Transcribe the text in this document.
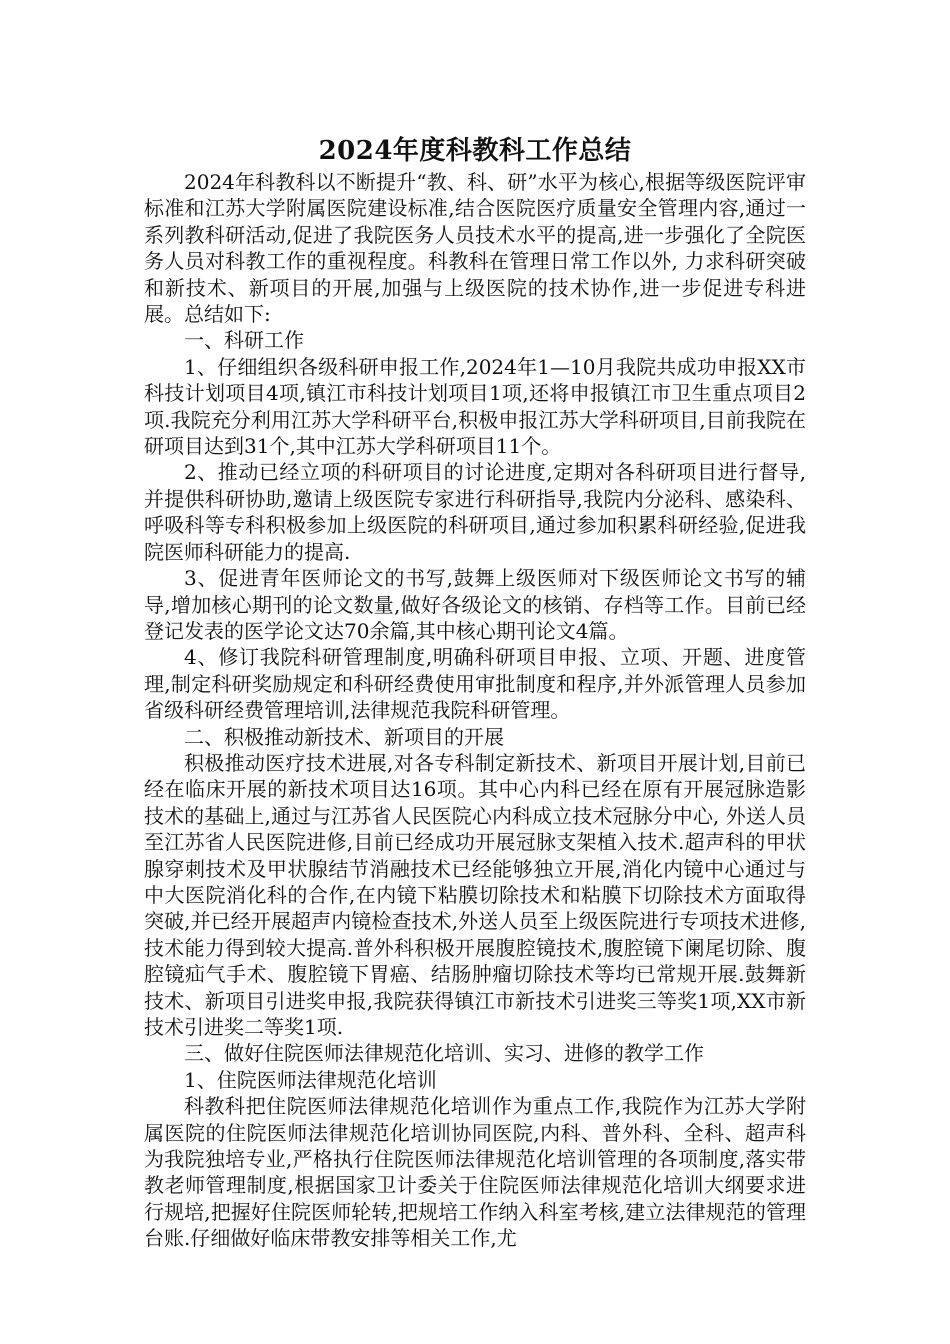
2024年度科教科工作总结

2024年科教科以不断提升“教、科、研”水平为核心,根据等级医院评审标准和江苏大学附属医院建设标准,结合医院医疗质量安全管理内容,通过一系列教科研活动,促进了我院医务人员技术水平的提高,进一步强化了全院医务人员对科教工作的重视程度。科教科在管理日常工作以外, 力求科研突破和新技术、新项目的开展,加强与上级医院的技术协作,进一步促进专科进展。总结如下:

一、科研工作

1、仔细组织各级科研申报工作,2024年1—10月我院共成功申报XX市科技计划项目4项,镇江市科技计划项目1项,还将申报镇江市卫生重点项目2项.我院充分利用江苏大学科研平台,积极申报江苏大学科研项目,目前我院在研项目达到31个,其中江苏大学科研项目11个。

2、推动已经立项的科研项目的讨论进度,定期对各科研项目进行督导,并提供科研协助,邀请上级医院专家进行科研指导,我院内分泌科、感染科、呼吸科等专科积极参加上级医院的科研项目,通过参加积累科研经验,促进我院医师科研能力的提高.

3、促进青年医师论文的书写,鼓舞上级医师对下级医师论文书写的辅导,增加核心期刊的论文数量,做好各级论文的核销、存档等工作。目前已经登记发表的医学论文达70余篇,其中核心期刊论文4篇。

4、修订我院科研管理制度,明确科研项目申报、立项、开题、进度管理,制定科研奖励规定和科研经费使用审批制度和程序,并外派管理人员参加省级科研经费管理培训,法律规范我院科研管理。

二、积极推动新技术、新项目的开展

积极推动医疗技术进展,对各专科制定新技术、新项目开展计划,目前已经在临床开展的新技术项目达16项。其中心内科已经在原有开展冠脉造影技术的基础上,通过与江苏省人民医院心内科成立技术冠脉分中心, 外送人员至江苏省人民医院进修,目前已经成功开展冠脉支架植入技术.超声科的甲状腺穿刺技术及甲状腺结节消融技术已经能够独立开展,消化内镜中心通过与中大医院消化科的合作,在内镜下粘膜切除技术和粘膜下切除技术方面取得突破,并已经开展超声内镜检查技术,外送人员至上级医院进行专项技术进修,技术能力得到较大提高.普外科积极开展腹腔镜技术,腹腔镜下阑尾切除、腹腔镜疝气手术、腹腔镜下胃癌、结肠肿瘤切除技术等均已常规开展.鼓舞新技术、新项目引进奖申报,我院获得镇江市新技术引进奖三等奖1项,XX市新技术引进奖二等奖1项.

三、做好住院医师法律规范化培训、实习、进修的教学工作

1、住院医师法律规范化培训

科教科把住院医师法律规范化培训作为重点工作,我院作为江苏大学附属医院的住院医师法律规范化培训协同医院,内科、普外科、全科、超声科为我院独培专业,严格执行住院医师法律规范化培训管理的各项制度,落实带教老师管理制度,根据国家卫计委关于住院医师法律规范化培训大纲要求进行规培,把握好住院医师轮转,把规培工作纳入科室考核,建立法律规范的管理台账.仔细做好临床带教安排等相关工作,尤
